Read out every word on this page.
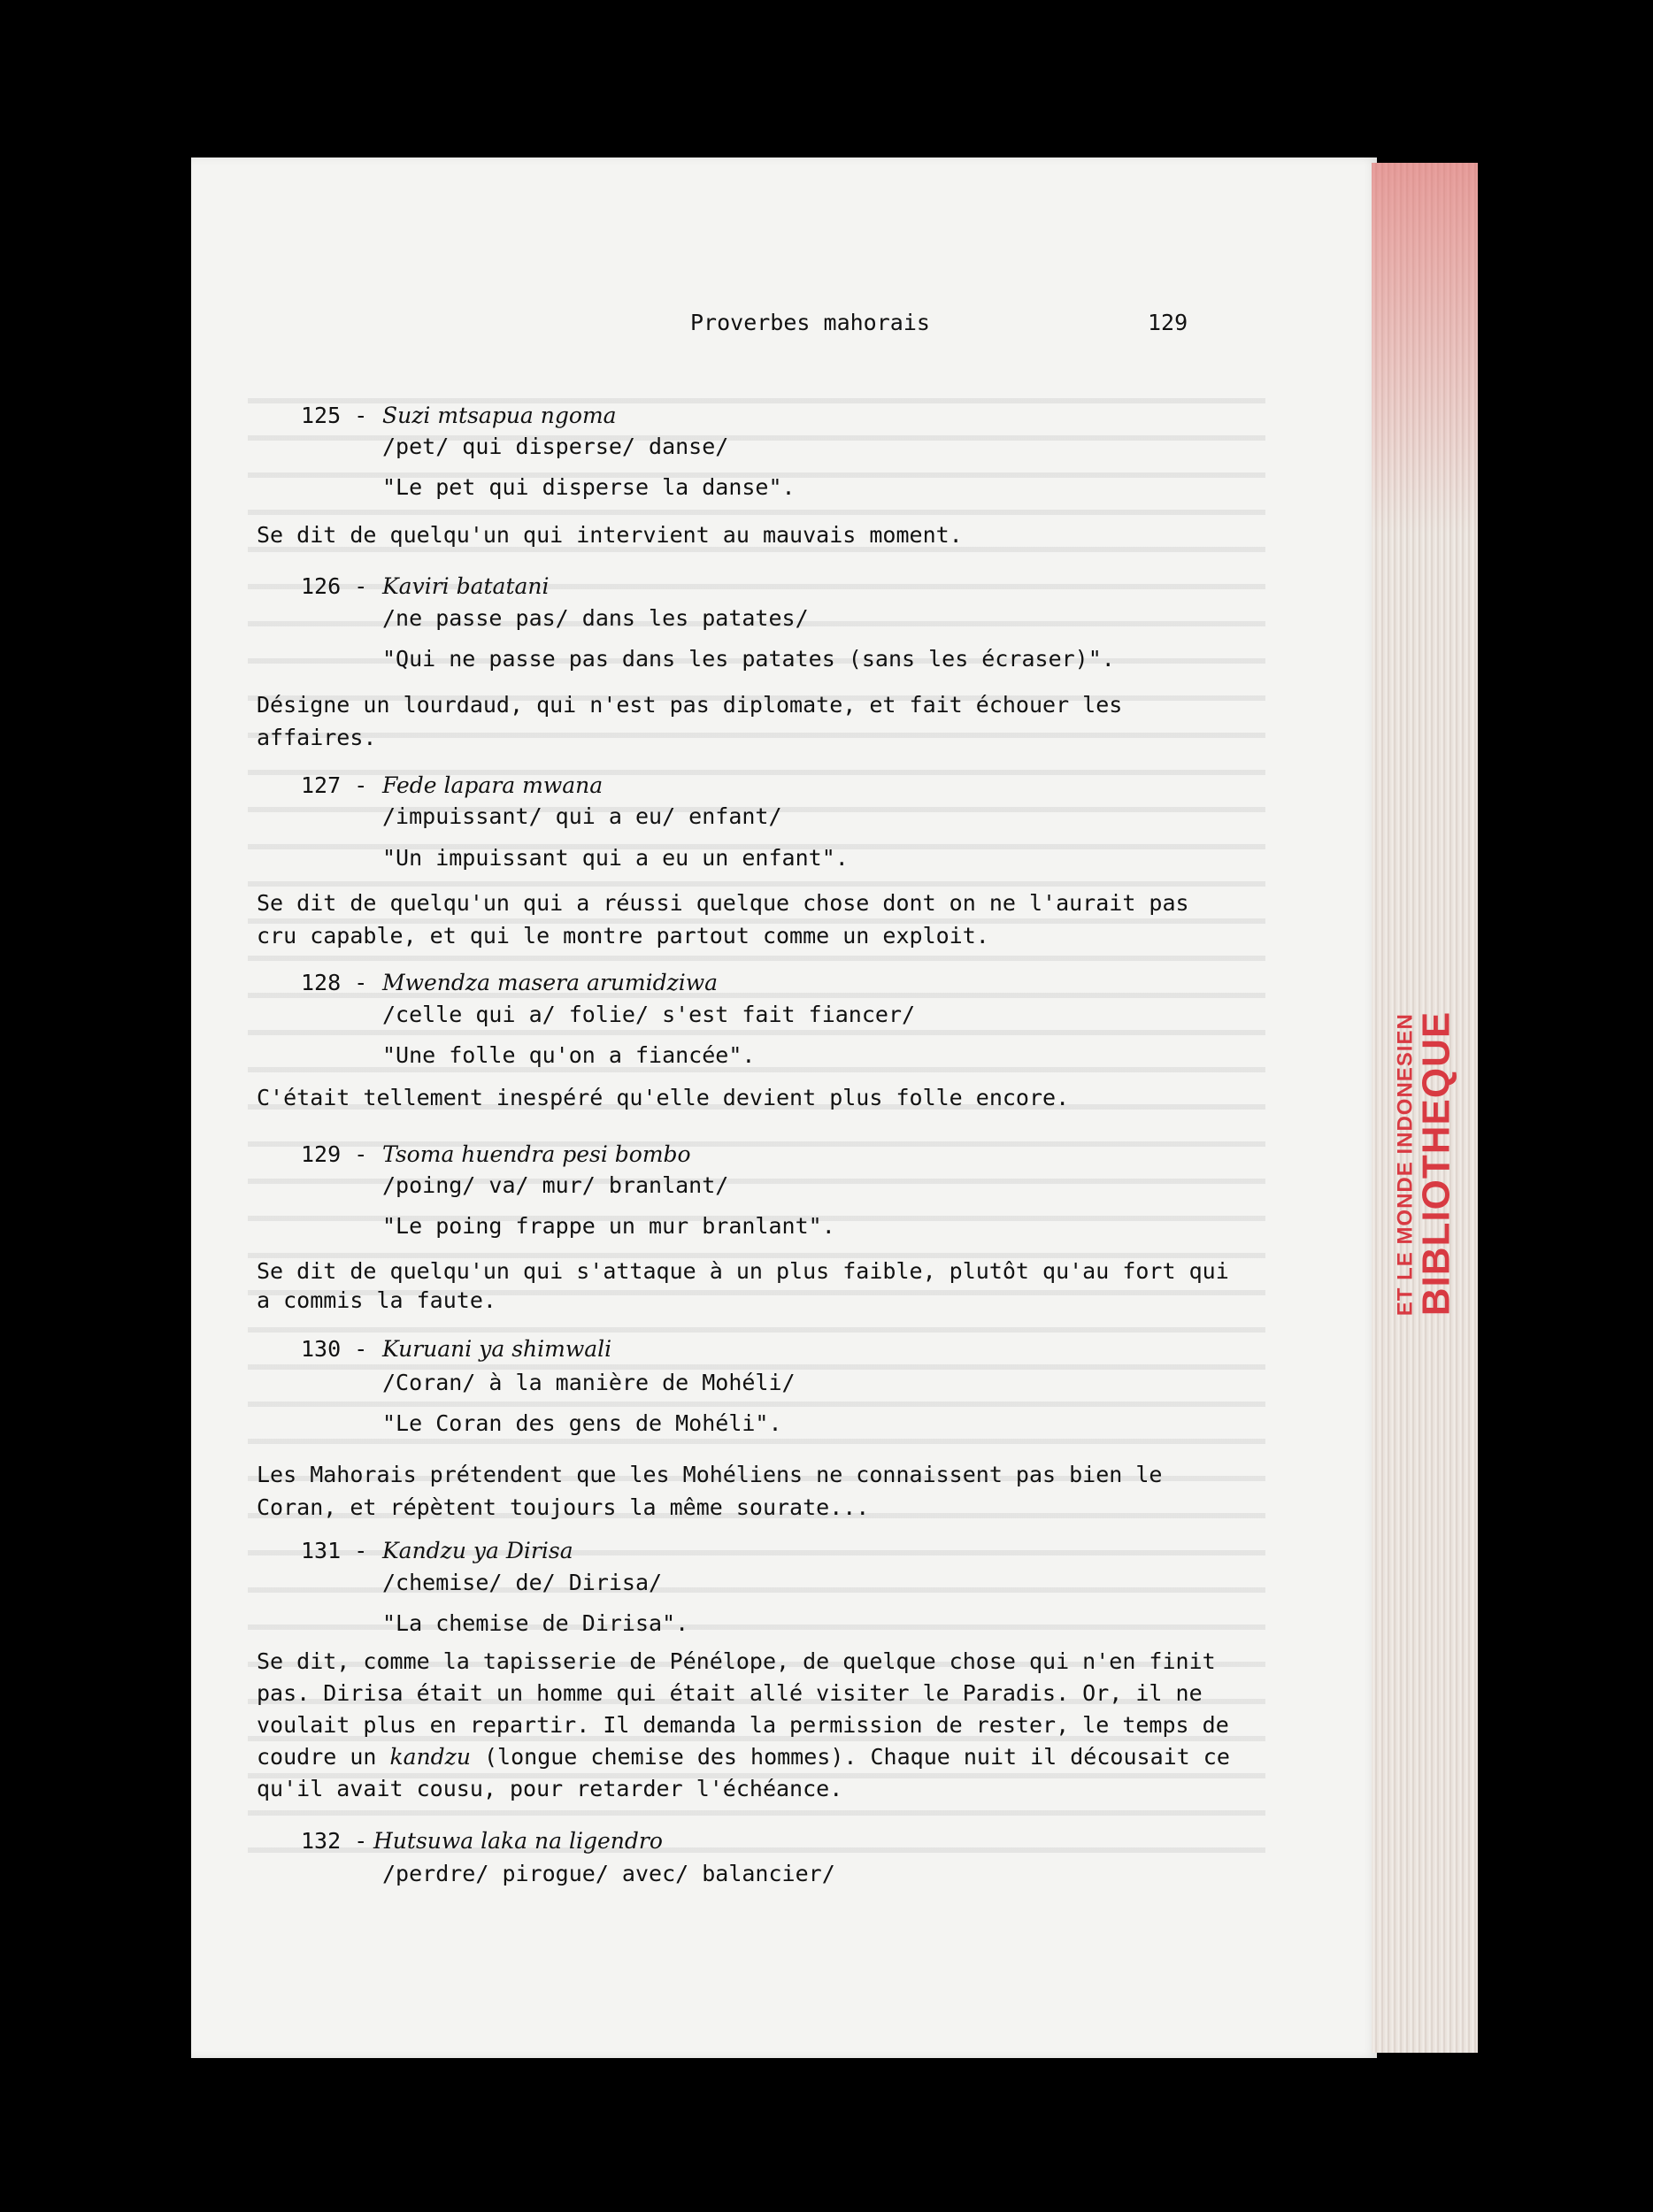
ET LE MONDE INDONESIEN
BIBLIOTHEQUE
Proverbes mahorais	129
125 - Suzi mtsapua ngoma
/pet/ qui disperse/ danse/
"Le pet qui disperse la danse".
Se dit de quelqu'un qui intervient au mauvais moment.
126 - Kaviri batatani
/ne passe pas/ dans les patates/
"Qui ne passe pas dans les patates (sans les écraser)".
Désigne un lourdaud, qui n'est pas diplomate, et fait échouer les affaires.
127 - Fede lapara mwana
/impuissant/ qui a eu/ enfant/
"Un impuissant qui a eu un enfant".
Se dit de quelqu'un qui a réussi quelque chose dont on ne l'aurait pas cru capable, et qui le montre partout comme un exploit.
128 - Mwendza masera arumidziwa
/celle qui a/ folie/ s'est fait fiancer/
"Une folle qu'on a fiancée".
C'était tellement inespéré qu'elle devient plus folle encore.
129 - Tsoma huendra pesi bombo
/poing/ va/ mur/ branlant/
"Le poing frappe un mur branlant".
Se dit de quelqu'un qui s'attaque à un plus faible, plutôt qu'au fort qui a commis la faute.
130 - Kuruani ya shimwali
/Coran/ à la manière de Mohéli/
"Le Coran des gens de Mohéli".
Les Mahorais prétendent que les Mohéliens ne connaissent pas bien le Coran, et répètent toujours la même sourate...
131 - Kandzu ya Dirisa
/chemise/ de/ Dirisa/
"La chemise de Dirisa".
Se dit, comme la tapisserie de Pénélope, de quelque chose qui n'en finit pas. Dirisa était un homme qui était allé visiter le Paradis. Or, il ne voulait plus en repartir. Il demanda la permission de rester, le temps de coudre un kandzu (longue chemise des hommes). Chaque nuit il décousait ce qu'il avait cousu, pour retarder l'échéance.
132 - Hutsuwa laka na ligendro
/perdre/ pirogue/ avec/ balancier/
